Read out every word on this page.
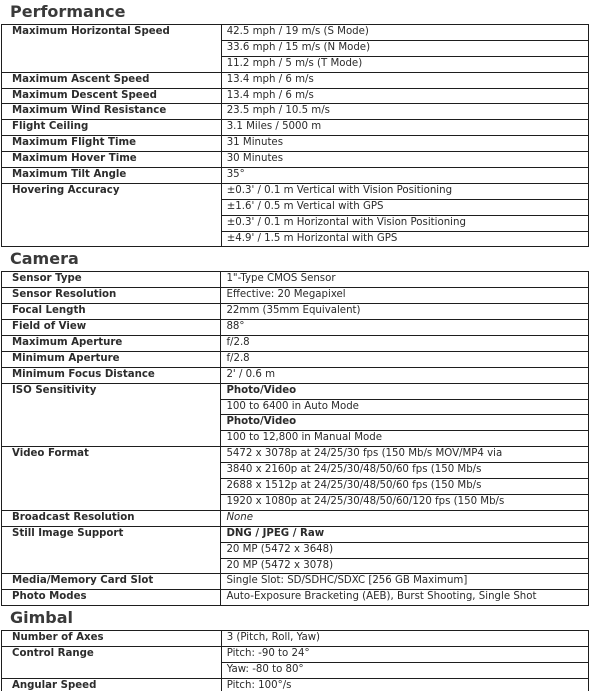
Performance
Maximum Horizontal Speed	42.5 mph / 19 m/s (S Mode)
	33.6 mph / 15 m/s (N Mode)
	11.2 mph / 5 m/s (T Mode)
Maximum Ascent Speed	13.4 mph / 6 m/s
Maximum Descent Speed	13.4 mph / 6 m/s
Maximum Wind Resistance	23.5 mph / 10.5 m/s
Flight Ceiling	3.1 Miles / 5000 m
Maximum Flight Time	31 Minutes
Maximum Hover Time	30 Minutes
Maximum Tilt Angle	35°
Hovering Accuracy	±0.3' / 0.1 m Vertical with Vision Positioning
	±1.6' / 0.5 m Vertical with GPS
	±0.3' / 0.1 m Horizontal with Vision Positioning
	±4.9' / 1.5 m Horizontal with GPS
Camera
Sensor Type	1"-Type CMOS Sensor
Sensor Resolution	Effective: 20 Megapixel
Focal Length	22mm (35mm Equivalent)
Field of View	88°
Maximum Aperture	f/2.8
Minimum Aperture	f/2.8
Minimum Focus Distance	2' / 0.6 m
ISO Sensitivity	Photo/Video
	100 to 6400 in Auto Mode
	Photo/Video
	100 to 12,800 in Manual Mode
Video Format	5472 x 3078p at 24/25/30 fps (150 Mb/s MOV/MP4 via
	3840 x 2160p at 24/25/30/48/50/60 fps (150 Mb/s
	2688 x 1512p at 24/25/30/48/50/60 fps (150 Mb/s
	1920 x 1080p at 24/25/30/48/50/60/120 fps (150 Mb/s
Broadcast Resolution	None
Still Image Support	DNG / JPEG / Raw
	20 MP (5472 x 3648)
	20 MP (5472 x 3078)
Media/Memory Card Slot	Single Slot: SD/SDHC/SDXC [256 GB Maximum]
Photo Modes	Auto-Exposure Bracketing (AEB), Burst Shooting, Single Shot
Gimbal
Number of Axes	3 (Pitch, Roll, Yaw)
Control Range	Pitch: -90 to 24°
	Yaw: -80 to 80°
Angular Speed	Pitch: 100°/s
